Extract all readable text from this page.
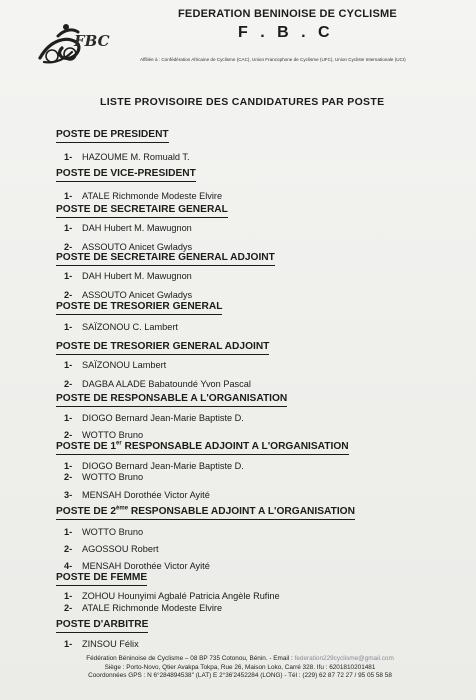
FBC
FEDERATION BENINOISE DE CYCLISME
F . B . C
Affiliée à : Confédération Africaine de Cyclisme (CAC), Union Francophone de Cyclisme (UFC), Union Cycliste Internationale (UCI)
LISTE PROVISOIRE DES CANDIDATURES PAR POSTE
POSTE DE PRESIDENT
1- HAZOUME M. Romuald T.
POSTE DE VICE-PRESIDENT
1- ATALE Richmonde Modeste Elvire
POSTE DE SECRETAIRE GENERAL
1- DAH Hubert M. Mawugnon
2- ASSOUTO Anicet Gwladys
POSTE DE SECRETAIRE GENERAL ADJOINT
1- DAH Hubert M. Mawugnon
2- ASSOUTO Anicet Gwladys
POSTE DE TRESORIER GENERAL
1- SAÏZONOU C. Lambert
POSTE DE TRESORIER GENERAL ADJOINT
1- SAÏZONOU Lambert
2- DAGBA ALADE Babatoundé Yvon Pascal
POSTE DE RESPONSABLE A L'ORGANISATION
1- DIOGO Bernard Jean-Marie Baptiste D.
2- WOTTO Bruno
POSTE DE 1er RESPONSABLE ADJOINT A L'ORGANISATION
1- DIOGO Bernard Jean-Marie Baptiste D.
2- WOTTO Bruno
3- MENSAH Dorothée Victor Ayité
POSTE DE 2ème RESPONSABLE ADJOINT A L'ORGANISATION
1- WOTTO Bruno
2- AGOSSOU Robert
4- MENSAH Dorothée Victor Ayité
POSTE DE FEMME
1- ZOHOU Hounyimi Agbalé Patricia Angèle Rufine
2- ATALE Richmonde Modeste Elvire
POSTE D'ARBITRE
1- ZINSOU Félix
Fédération Béninoise de Cyclisme – 08 BP 735 Cotonou, Bénin. - Email : federation229cyclisme@gmail.com
Siège : Porto-Novo, Qtier Avakpa Tokpa, Rue 26, Maison Loko, Carré 328. Ifu : 6201810201481
Coordonnées GPS : N 6°284894538'' (LAT) E 2°36'2452284 (LONG) - Tél : (229) 62 87 72 27 / 95 05 58 58
